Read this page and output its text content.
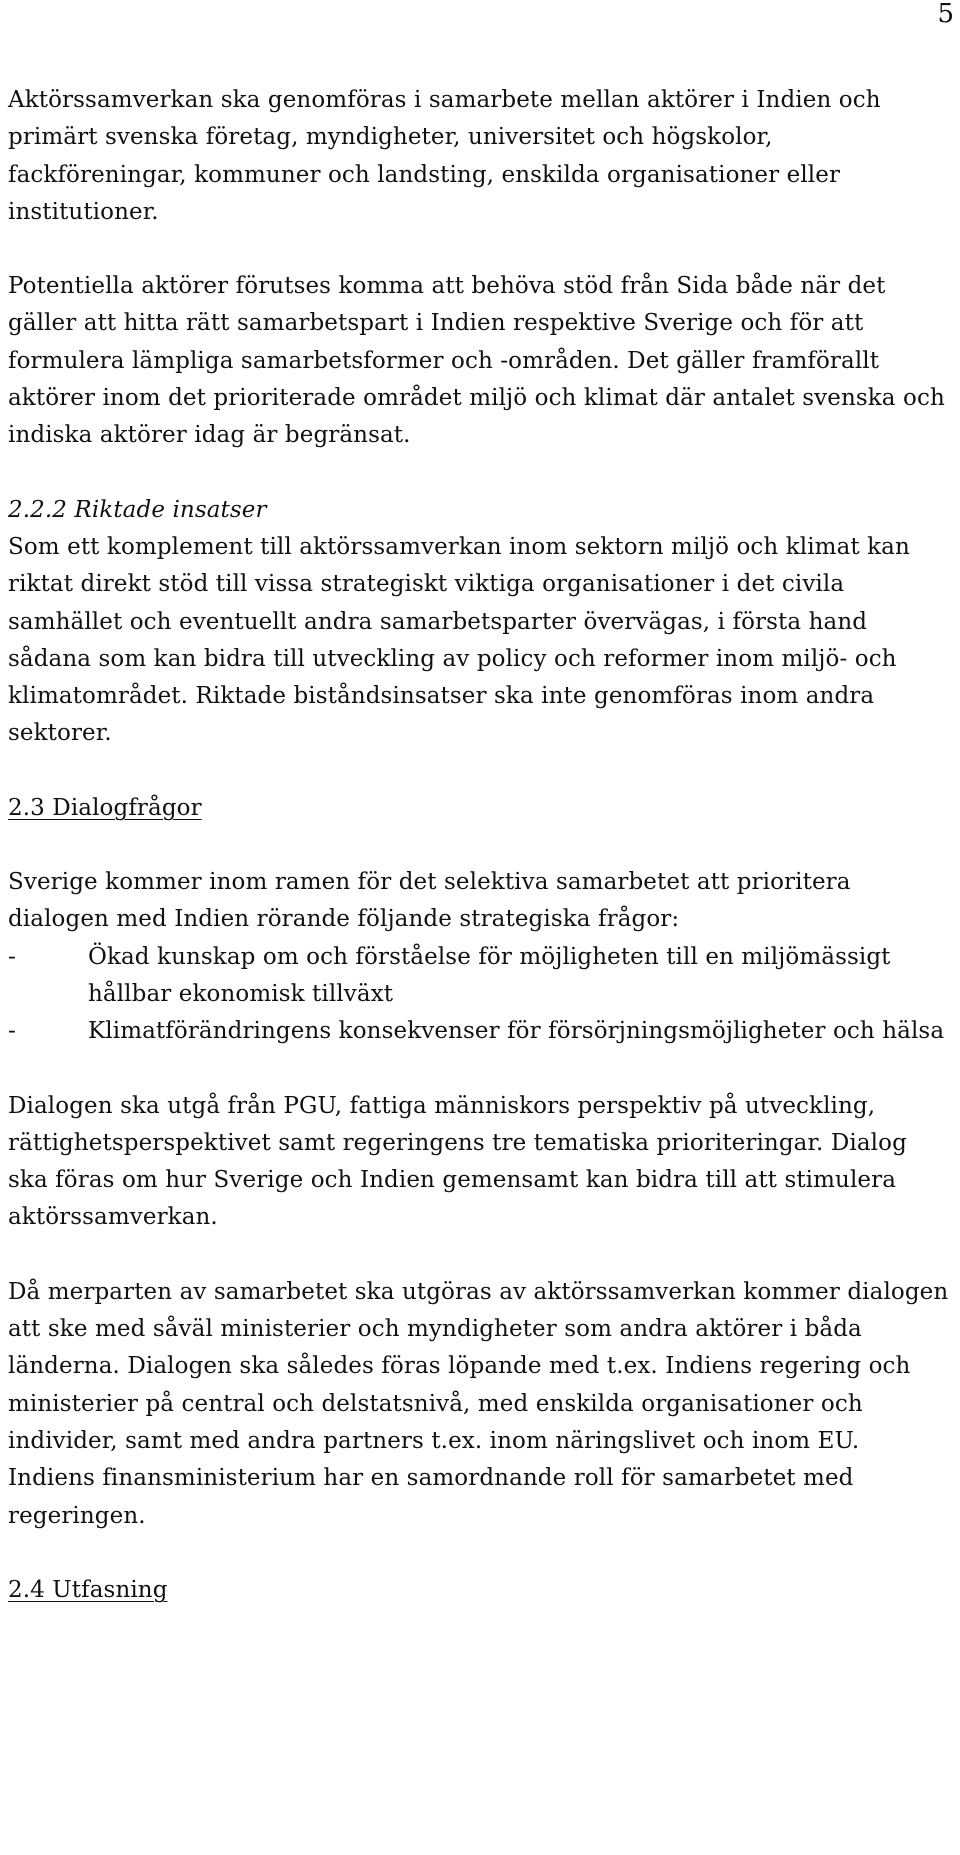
5

Aktörssamverkan ska genomföras i samarbete mellan aktörer i Indien och primärt svenska företag, myndigheter, universitet och högskolor, fackföreningar, kommuner och landsting, enskilda organisationer eller institutioner.

Potentiella aktörer förutses komma att behöva stöd från Sida både när det gäller att hitta rätt samarbetspart i Indien respektive Sverige och för att formulera lämpliga samarbetsformer och -områden. Det gäller framförallt aktörer inom det prioriterade området miljö och klimat där antalet svenska och indiska aktörer idag är begränsat.

2.2.2 Riktade insatser

Som ett komplement till aktörssamverkan inom sektorn miljö och klimat kan riktat direkt stöd till vissa strategiskt viktiga organisationer i det civila samhället och eventuellt andra samarbetsparter övervägas, i första hand sådana som kan bidra till utveckling av policy och reformer inom miljö- och klimatområdet. Riktade biståndsinsatser ska inte genomföras inom andra sektorer.

2.3 Dialogfrågor

Sverige kommer inom ramen för det selektiva samarbetet att prioritera dialogen med Indien rörande följande strategiska frågor:

-	Ökad kunskap om och förståelse för möjligheten till en miljömässigt hållbar ekonomisk tillväxt
-	Klimatförändringens konsekvenser för försörjningsmöjligheter och hälsa

Dialogen ska utgå från PGU, fattiga människors perspektiv på utveckling, rättighetsperspektivet samt regeringens tre tematiska prioriteringar. Dialog ska föras om hur Sverige och Indien gemensamt kan bidra till att stimulera aktörssamverkan.

Då merparten av samarbetet ska utgöras av aktörssamverkan kommer dialogen att ske med såväl ministerier och myndigheter som andra aktörer i båda länderna. Dialogen ska således föras löpande med t.ex. Indiens regering och ministerier på central och delstatsnivå, med enskilda organisationer och individer, samt med andra partners t.ex. inom näringslivet och inom EU. Indiens finansministerium har en samordnande roll för samarbetet med regeringen.

2.4 Utfasning
